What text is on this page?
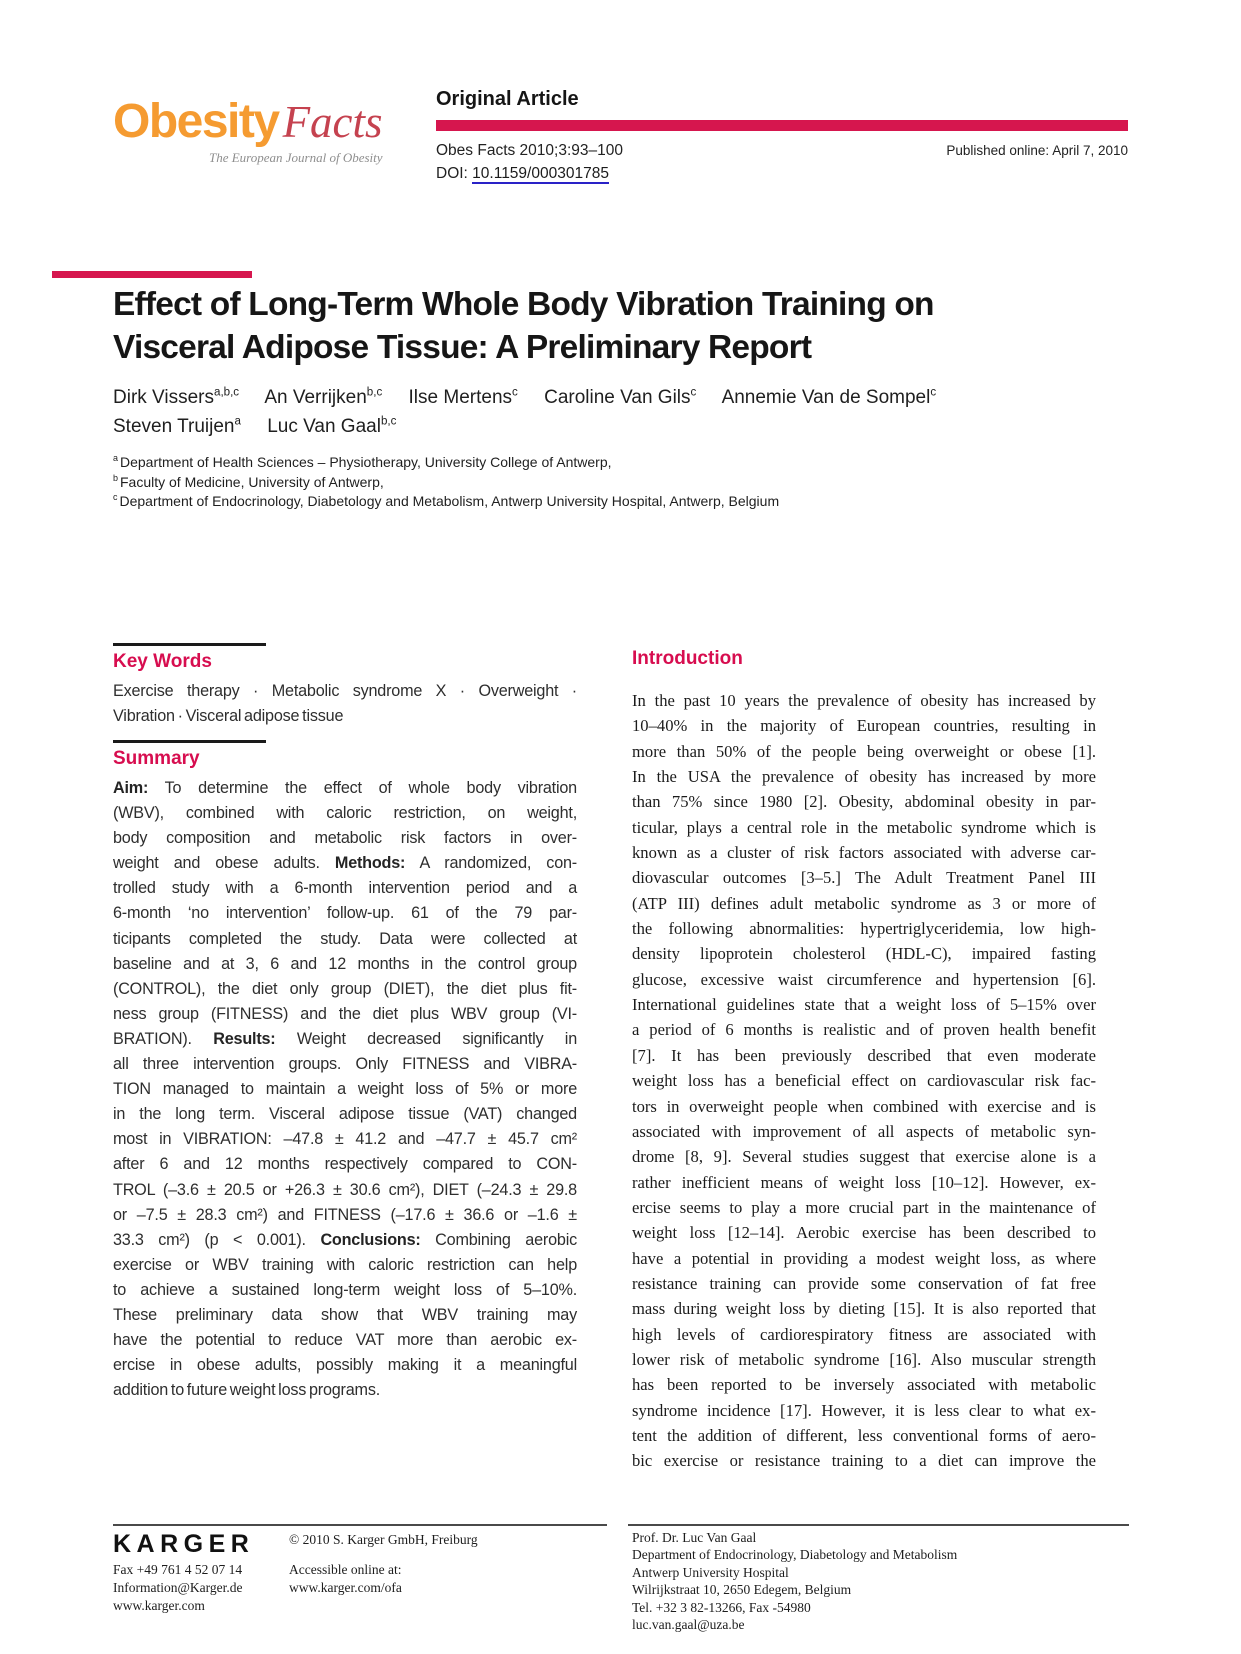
ObesityFacts
The European Journal of Obesity
Original Article
Obes Facts 2010;3:93–100	Published online: April 7, 2010
DOI: 10.1159/000301785
Effect of Long-Term Whole Body Vibration Training on
Visceral Adipose Tissue: A Preliminary Report
Dirk Vissers$^{a,b,c}$ An Verrijken$^{b,c}$ Ilse Mertens$^c$ Caroline Van Gils$^c$ Annemie Van de Sompel$^c$
Steven Truijen$^a$ Luc Van Gaal$^{b,c}$
$^a$ Department of Health Sciences – Physiotherapy, University College of Antwerp,
$^b$ Faculty of Medicine, University of Antwerp,
$^c$ Department of Endocrinology, Diabetology and Metabolism, Antwerp University Hospital, Antwerp, Belgium
Key Words
Exercise therapy · Metabolic syndrome X · Overweight ·
Vibration · Visceral adipose tissue
Summary
Aim: To determine the effect of whole body vibration
(WBV), combined with caloric restriction, on weight,
body composition and metabolic risk factors in over-
weight and obese adults. Methods: A randomized, con-
trolled study with a 6-month intervention period and a
6-month ‘no intervention’ follow-up. 61 of the 79 par-
ticipants completed the study. Data were collected at
baseline and at 3, 6 and 12 months in the control group
(CONTROL), the diet only group (DIET), the diet plus fit-
ness group (FITNESS) and the diet plus WBV group (VI-
BRATION). Results: Weight decreased significantly in
all three intervention groups. Only FITNESS and VIBRA-
TION managed to maintain a weight loss of 5% or more
in the long term. Visceral adipose tissue (VAT) changed
most in VIBRATION: –47.8 ± 41.2 and –47.7 ± 45.7 cm²
after 6 and 12 months respectively compared to CON-
TROL (–3.6 ± 20.5 or +26.3 ± 30.6 cm²), DIET (–24.3 ± 29.8
or –7.5 ± 28.3 cm²) and FITNESS (–17.6 ± 36.6 or –1.6 ±
33.3 cm²) (p < 0.001). Conclusions: Combining aerobic
exercise or WBV training with caloric restriction can help
to achieve a sustained long-term weight loss of 5–10%.
These preliminary data show that WBV training may
have the potential to reduce VAT more than aerobic ex-
ercise in obese adults, possibly making it a meaningful
addition to future weight loss programs.
Introduction
In the past 10 years the prevalence of obesity has increased by
10–40% in the majority of European countries, resulting in
more than 50% of the people being overweight or obese [1].
In the USA the prevalence of obesity has increased by more
than 75% since 1980 [2]. Obesity, abdominal obesity in par-
ticular, plays a central role in the metabolic syndrome which is
known as a cluster of risk factors associated with adverse car-
diovascular outcomes [3–5.] The Adult Treatment Panel III
(ATP III) defines adult metabolic syndrome as 3 or more of
the following abnormalities: hypertriglyceridemia, low high-
density lipoprotein cholesterol (HDL-C), impaired fasting
glucose, excessive waist circumference and hypertension [6].
International guidelines state that a weight loss of 5–15% over
a period of 6 months is realistic and of proven health benefit
[7]. It has been previously described that even moderate
weight loss has a beneficial effect on cardiovascular risk fac-
tors in overweight people when combined with exercise and is
associated with improvement of all aspects of metabolic syn-
drome [8, 9]. Several studies suggest that exercise alone is a
rather inefficient means of weight loss [10–12]. However, ex-
ercise seems to play a more crucial part in the maintenance of
weight loss [12–14]. Aerobic exercise has been described to
have a potential in providing a modest weight loss, as where
resistance training can provide some conservation of fat free
mass during weight loss by dieting [15]. It is also reported that
high levels of cardiorespiratory fitness are associated with
lower risk of metabolic syndrome [16]. Also muscular strength
has been reported to be inversely associated with metabolic
syndrome incidence [17]. However, it is less clear to what ex-
tent the addition of different, less conventional forms of aero-
bic exercise or resistance training to a diet can improve the
KARGER
Fax +49 761 4 52 07 14
Information@Karger.de
www.karger.com
© 2010 S. Karger GmbH, Freiburg
Accessible online at:
www.karger.com/ofa
Prof. Dr. Luc Van Gaal
Department of Endocrinology, Diabetology and Metabolism
Antwerp University Hospital
Wilrijkstraat 10, 2650 Edegem, Belgium
Tel. +32 3 82-13266, Fax -54980
luc.van.gaal@uza.be
